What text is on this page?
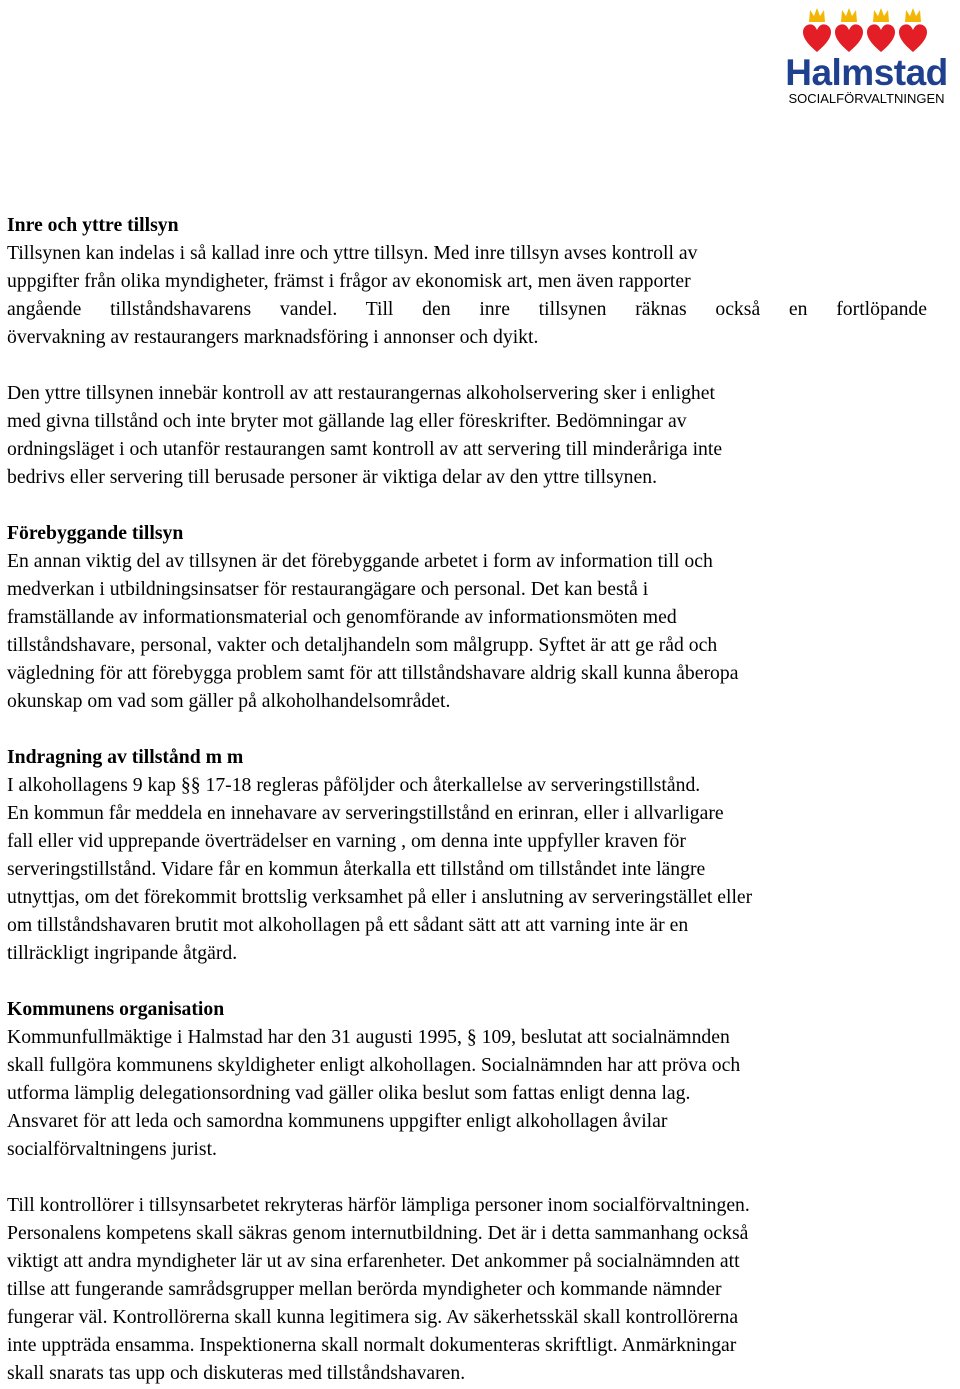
Halmstad
SOCIALFÖRVALTNINGEN
Inre och yttre tillsyn

Tillsynen kan indelas i så kallad inre och yttre tillsyn. Med inre tillsyn avses kontroll av

uppgifter från olika myndigheter, främst i frågor av ekonomisk art, men även rapporter

angående tillståndshavarens vandel. Till den inre tillsynen räknas också en fortlöpande

övervakning av restaurangers marknadsföring i annonser och dyikt.

Den yttre tillsynen innebär kontroll av att restaurangernas alkoholservering sker i enlighet

med givna tillstånd och inte bryter mot gällande lag eller föreskrifter. Bedömningar av

ordningsläget i och utanför restaurangen samt kontroll av att servering till minderåriga inte

bedrivs eller servering till berusade personer är viktiga delar av den yttre tillsynen.

Förebyggande tillsyn

En annan viktig del av tillsynen är det förebyggande arbetet i form av information till och

medverkan i utbildningsinsatser för restaurangägare och personal. Det kan bestå i

framställande av informationsmaterial och genomförande av informationsmöten med

tillståndshavare, personal, vakter och detaljhandeln som målgrupp. Syftet är att ge råd och

vägledning för att förebygga problem samt för att tillståndshavare aldrig skall kunna åberopa

okunskap om vad som gäller på alkoholhandelsområdet.

Indragning av tillstånd m m

I alkohollagens 9 kap §§ 17-18 regleras påföljder och återkallelse av serveringstillstånd.

En kommun får meddela en innehavare av serveringstillstånd en erinran, eller i allvarligare

fall eller vid upprepande överträdelser en varning , om denna inte uppfyller kraven för

serveringstillstånd. Vidare får en kommun återkalla ett tillstånd om tillståndet inte längre

utnyttjas, om det förekommit brottslig verksamhet på eller i anslutning av serveringstället eller

om tillståndshavaren brutit mot alkohollagen på ett sådant sätt att att varning inte är en

tillräckligt ingripande åtgärd.

Kommunens organisation

Kommunfullmäktige i Halmstad har den 31 augusti 1995, § 109, beslutat att socialnämnden

skall fullgöra kommunens skyldigheter enligt alkohollagen. Socialnämnden har att pröva och

utforma lämplig delegationsordning vad gäller olika beslut som fattas enligt denna lag.

Ansvaret för att leda och samordna kommunens uppgifter enligt alkohollagen åvilar

socialförvaltningens jurist.

Till kontrollörer i tillsynsarbetet rekryteras härför lämpliga personer inom socialförvaltningen.

Personalens kompetens skall säkras genom internutbildning. Det är i detta sammanhang också

viktigt att andra myndigheter lär ut av sina erfarenheter. Det ankommer på socialnämnden att

tillse att fungerande samrådsgrupper mellan berörda myndigheter och kommande nämnder

fungerar väl. Kontrollörerna skall kunna legitimera sig. Av säkerhetsskäl skall kontrollörerna

inte uppträda ensamma. Inspektionerna skall normalt dokumenteras skriftligt. Anmärkningar

skall snarats tas upp och diskuteras med tillståndshavaren.
